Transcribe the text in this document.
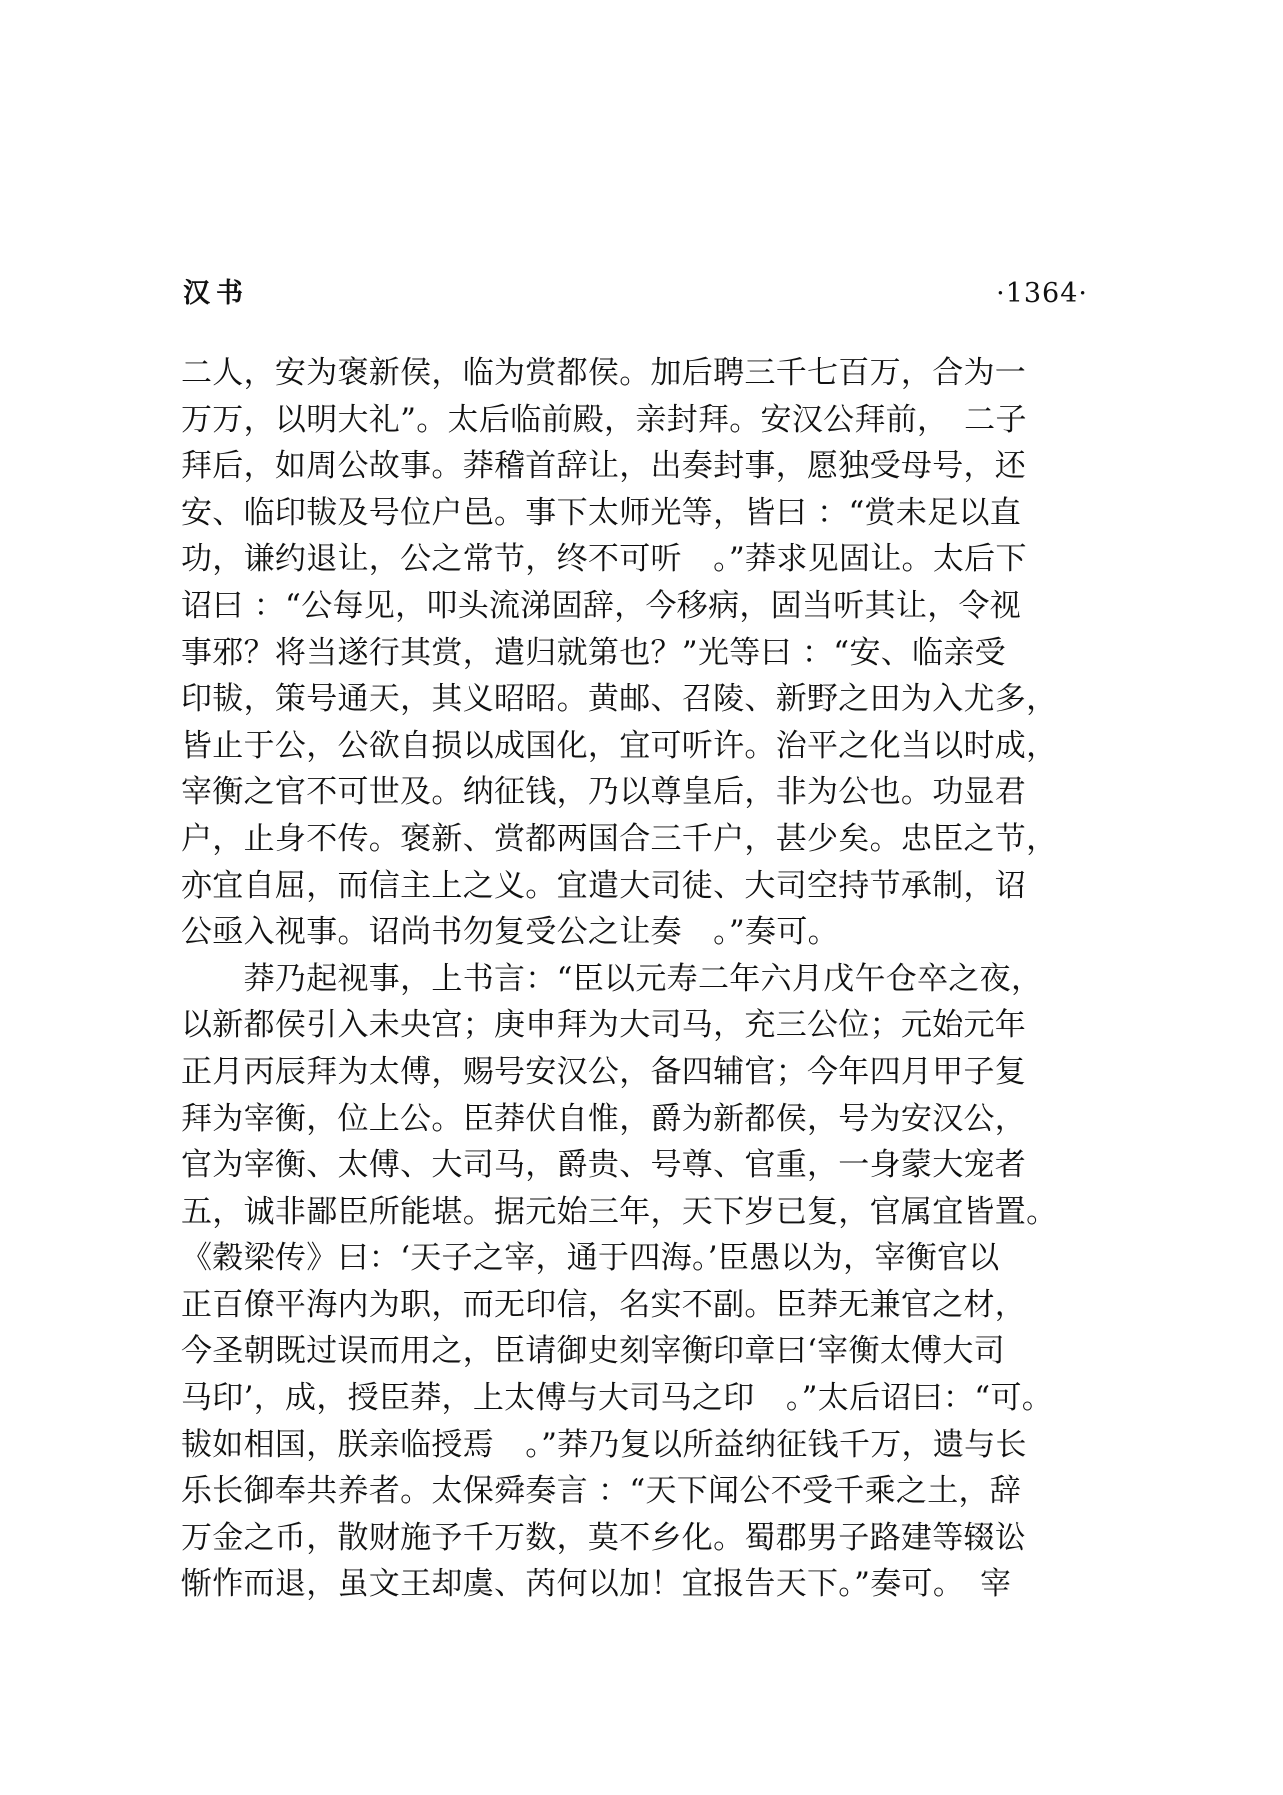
汉书	·1364·
二人，安为褒新侯，临为赏都侯。加后聘三千七百万，合为一
万万，以明大礼”。太后临前殿，亲封拜。安汉公拜前，　二子
拜后，如周公故事。莽稽首辞让，出奏封事，愿独受母号，还
安、临印韨及号位户邑。事下太师光等，皆曰 ：“赏未足以直
功，谦约退让，公之常节，终不可听　。”莽求见固让。太后下
诏曰 ：“公每见，叩头流涕固辞，今移病，固当听其让，令视
事邪？将当遂行其赏，遣归就第也？”光等曰 ：“安、临亲受
印韨，策号通天，其义昭昭。黄邮、召陵、新野之田为入尤多，
皆止于公，公欲自损以成国化，宜可听许。治平之化当以时成，
宰衡之官不可世及。纳征钱，乃以尊皇后，非为公也。功显君
户，止身不传。褒新、赏都两国合三千户，甚少矣。忠臣之节，
亦宜自屈，而信主上之义。宜遣大司徒、大司空持节承制，诏
公亟入视事。诏尚书勿复受公之让奏　。”奏可。
　　莽乃起视事，上书言：“臣以元寿二年六月戊午仓卒之夜，
以新都侯引入未央宫；庚申拜为大司马，充三公位；元始元年
正月丙辰拜为太傅，赐号安汉公，备四辅官；今年四月甲子复
拜为宰衡，位上公。臣莽伏自惟，爵为新都侯，号为安汉公，
官为宰衡、太傅、大司马，爵贵、号尊、官重，一身蒙大宠者
五，诚非鄙臣所能堪。据元始三年，天下岁已复，官属宜皆置。
《穀梁传》曰：‘天子之宰，通于四海。’臣愚以为，宰衡官以
正百僚平海内为职，而无印信，名实不副。臣莽无兼官之材，
今圣朝既过误而用之，臣请御史刻宰衡印章曰‘宰衡太傅大司
马印’，成，授臣莽，上太傅与大司马之印　。”太后诏曰：“可。
韨如相国，朕亲临授焉　。”莽乃复以所益纳征钱千万，遗与长
乐长御奉共养者。太保舜奏言 ：“天下闻公不受千乘之土，辞
万金之币，散财施予千万数，莫不乡化。蜀郡男子路建等辍讼
惭怍而退，虽文王却虞、芮何以加！宜报告天下。”奏可。　宰
